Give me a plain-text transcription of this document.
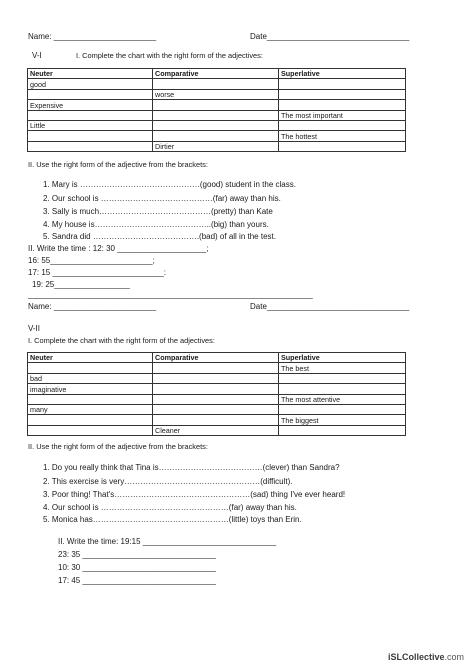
Name: _______________________	Date________________________________
V-I	I. Complete the chart with the right form of the adjectives:
Neuter	Comparative	Superlative
good		
	worse	
Expensive		
		The most important
Little		
		The hottest
	Dirtier	
II. Use the right form of the adjective from the brackets:
1. Mary is ………………………………………(good) student in the class.
2. Our school is ……………………………………(far) away than his.
3. Sally is much……………………………………(pretty) than Kate
4. My house is……………………………………..(big) than yours.
5. Sandra did ………………………………….(bad) of all in the test.
II. Write the time : 12: 30 ____________________;
16: 55_______________________;
17: 15 _________________________:
19: 25_________________
________________________________________________________________
Name: _______________________	Date________________________________
V-II
I. Complete the chart with the right form of the adjectives:
Neuter	Comparative	Superlative
		The best
bad		
imaginative		
		The most attentive
many		
		The biggest
	Cleaner	
II. Use the right form of the adjective from the brackets:
1. Do you really think that Tina is…………………………………(clever) than Sandra?
2. This exercise is very……………………………………………(difficult).
3. Poor thing! That's……………………………………………(sad) thing I've ever heard!
4. Our school is …………………………………………(far) away than his.
5. Monica has……………………………………………(little) toys than Erin.
II. Write the time: 19:15 ______________________________
23: 35 ______________________________
10: 30 ______________________________
17: 45 ______________________________
iSLCollective.com
